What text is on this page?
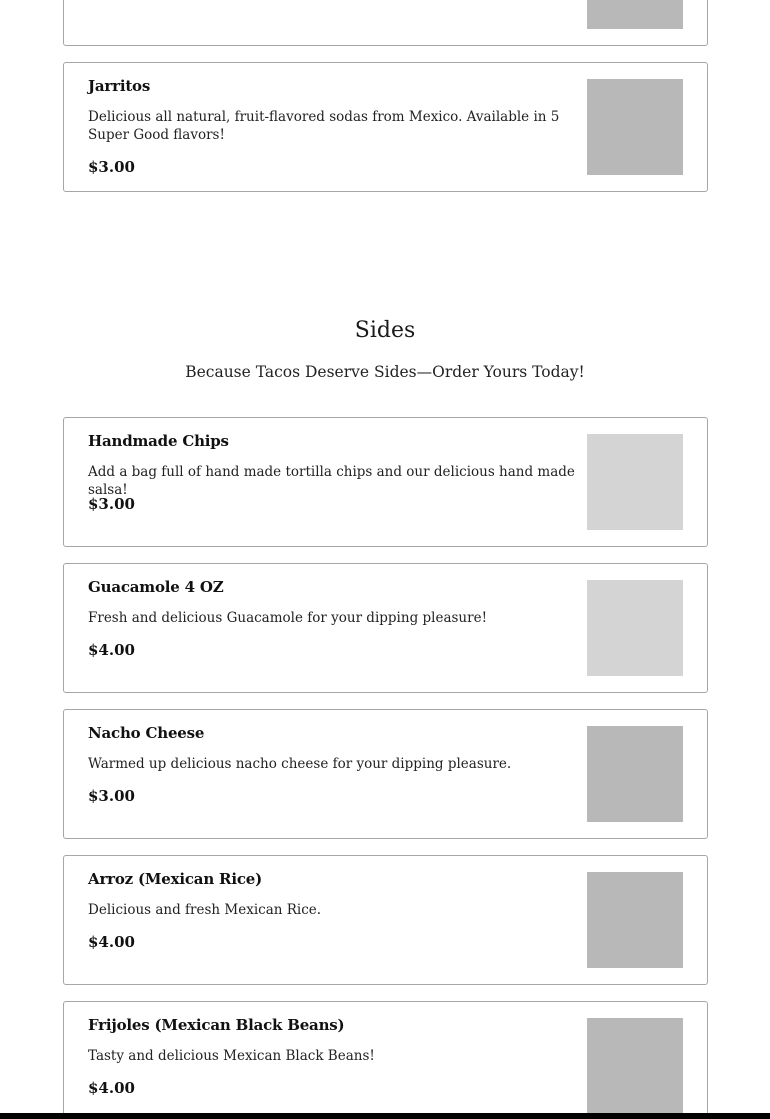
Jarritos
Delicious all natural, fruit-flavored sodas from Mexico. Available in 5 Super Good flavors!
$3.00
Sides
Because Tacos Deserve Sides—Order Yours Today!
Handmade Chips
Add a bag full of hand made tortilla chips and our delicious hand made salsa!
$3.00
Guacamole 4 OZ
Fresh and delicious Guacamole for your dipping pleasure!
$4.00
Nacho Cheese
Warmed up delicious nacho cheese for your dipping pleasure.
$3.00
Arroz (Mexican Rice)
Delicious and fresh Mexican Rice.
$4.00
Frijoles (Mexican Black Beans)
Tasty and delicious Mexican Black Beans!
$4.00
